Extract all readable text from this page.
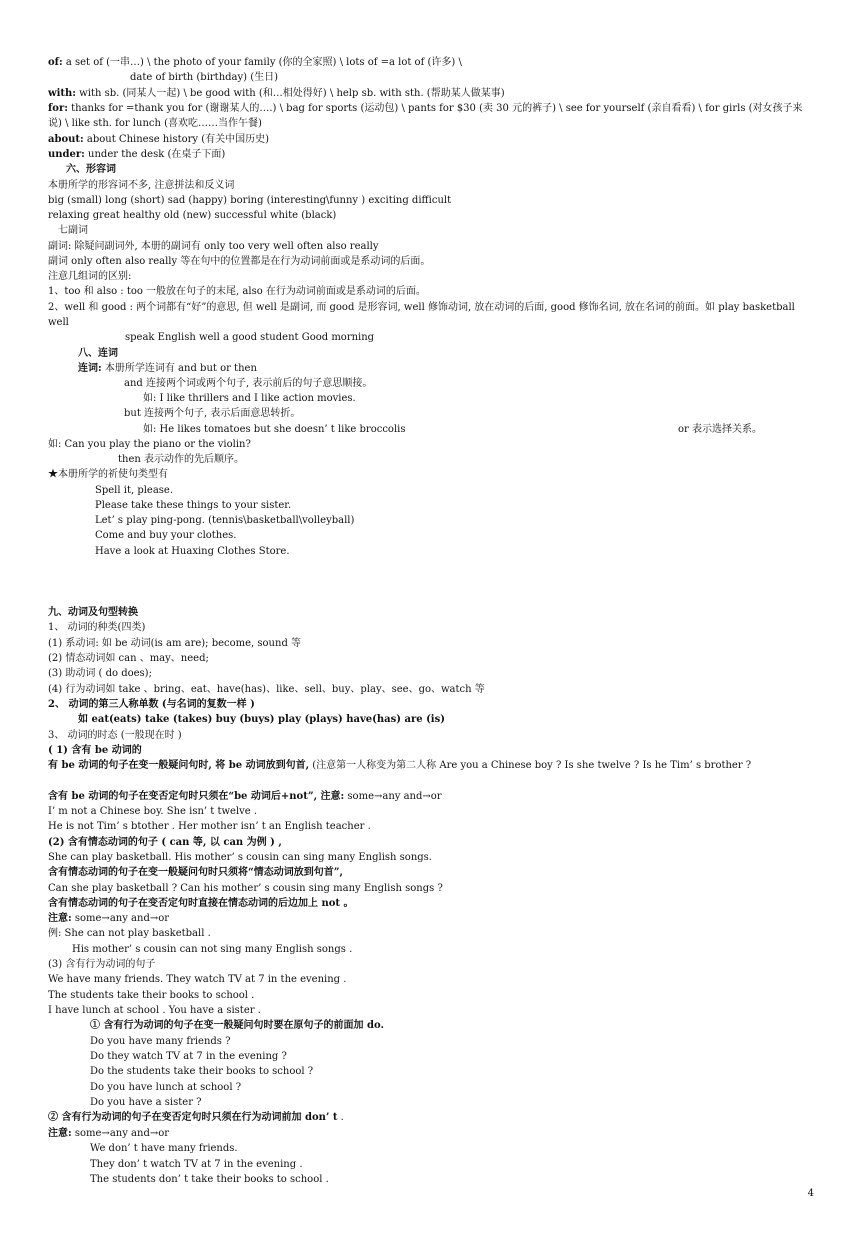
4
of: a set of (一串…) \ the photo of your family (你的全家照) \ lots of =a lot of (许多) \
date of birth (birthday) (生日)
with: with sb. (同某人一起) \ be good with (和…相处得好) \ help sb. with sth. (帮助某人做某事)
for: thanks for =thank you for (谢谢某人的….) \ bag for sports (运动包) \ pants for $30 (卖 30 元的裤子) \ see for yourself (亲自看看) \ for girls (对女孩子来说) \ like sth. for lunch (喜欢吃……当作午餐)
about: about Chinese history (有关中国历史)
under: under the desk (在桌子下面)
六、形容词
本册所学的形容词不多, 注意拼法和反义词
big (small) long (short) sad (happy) boring (interesting\funny ) exciting difficult
relaxing great healthy old (new) successful white (black)
七副词
副词: 除疑问副词外, 本册的副词有 only too very well often also really
副词 only often also really 等在句中的位置都是在行为动词前面或是系动词的后面。
注意几组词的区别:
1、too 和 also : too 一般放在句子的末尾, also 在行为动词前面或是系动词的后面。
2、well 和 good : 两个词都有“好”的意思, 但 well 是副词, 而 good 是形容词, well 修饰动词, 放在动词的后面, good 修饰名词, 放在名词的前面。如 play basketball well
speak English well a good student Good morning
八、连词
连词: 本册所学连词有 and but or then
and 连接两个词或两个句子, 表示前后的句子意思顺接。
如: I like thrillers and I like action movies.
but 连接两个句子, 表示后面意思转折。
如: He likes tomatoes but she doesn’ t like broccolis	or 表示选择关系。
如: Can you play the piano or the violin?
then 表示动作的先后顺序。
★本册所学的祈使句类型有
Spell it, please.
Please take these things to your sister.
Let’ s play ping-pong. (tennis\basketball\volleyball)
Come and buy your clothes.
Have a look at Huaxing Clothes Store.
九、动词及句型转换
1、 动词的种类(四类)
(1) 系动词: 如 be 动词(is am are); become, sound 等
(2) 情态动词如 can 、may、need;
(3) 助动词 ( do does);
(4) 行为动词如 take 、bring、eat、have(has)、like、sell、buy、play、see、go、watch 等
2、 动词的第三人称单数 (与名词的复数一样 )
如 eat(eats) take (takes) buy (buys) play (plays) have(has) are (is)
3、 动词的时态 (一般现在时 )
( 1) 含有 be 动词的
有 be 动词的句子在变一般疑问句时, 将 be 动词放到句首, (注意第一人称变为第二人称 Are you a Chinese boy ? Is she twelve ? Is he Tim’ s brother ?
含有 be 动词的句子在变否定句时只须在“be 动词后+not”, 注意: some→any and→or
I’ m not a Chinese boy. She isn’ t twelve .
He is not Tim’ s btother . Her mother isn’ t an English teacher .
(2) 含有情态动词的句子 ( can 等, 以 can 为例 ) ,
She can play basketball. His mother’ s cousin can sing many English songs.
含有情态动词的句子在变一般疑问句时只须将“情态动词放到句首”,
Can she play basketball ? Can his mother’ s cousin sing many English songs ?
含有情态动词的句子在变否定句时直接在情态动词的后边加上 not 。
注意: some→any and→or
例: She can not play basketball .
His mother’ s cousin can not sing many English songs .
(3) 含有行为动词的句子
We have many friends. They watch TV at 7 in the evening .
The students take their books to school .
I have lunch at school . You have a sister .
① 含有行为动词的句子在变一般疑问句时要在原句子的前面加 do.
Do you have many friends ?
Do they watch TV at 7 in the evening ?
Do the students take their books to school ?
Do you have lunch at school ?
Do you have a sister ?
② 含有行为动词的句子在变否定句时只须在行为动词前加 don’ t .
注意: some→any and→or
We don’ t have many friends.
They don’ t watch TV at 7 in the evening .
The students don’ t take their books to school .
